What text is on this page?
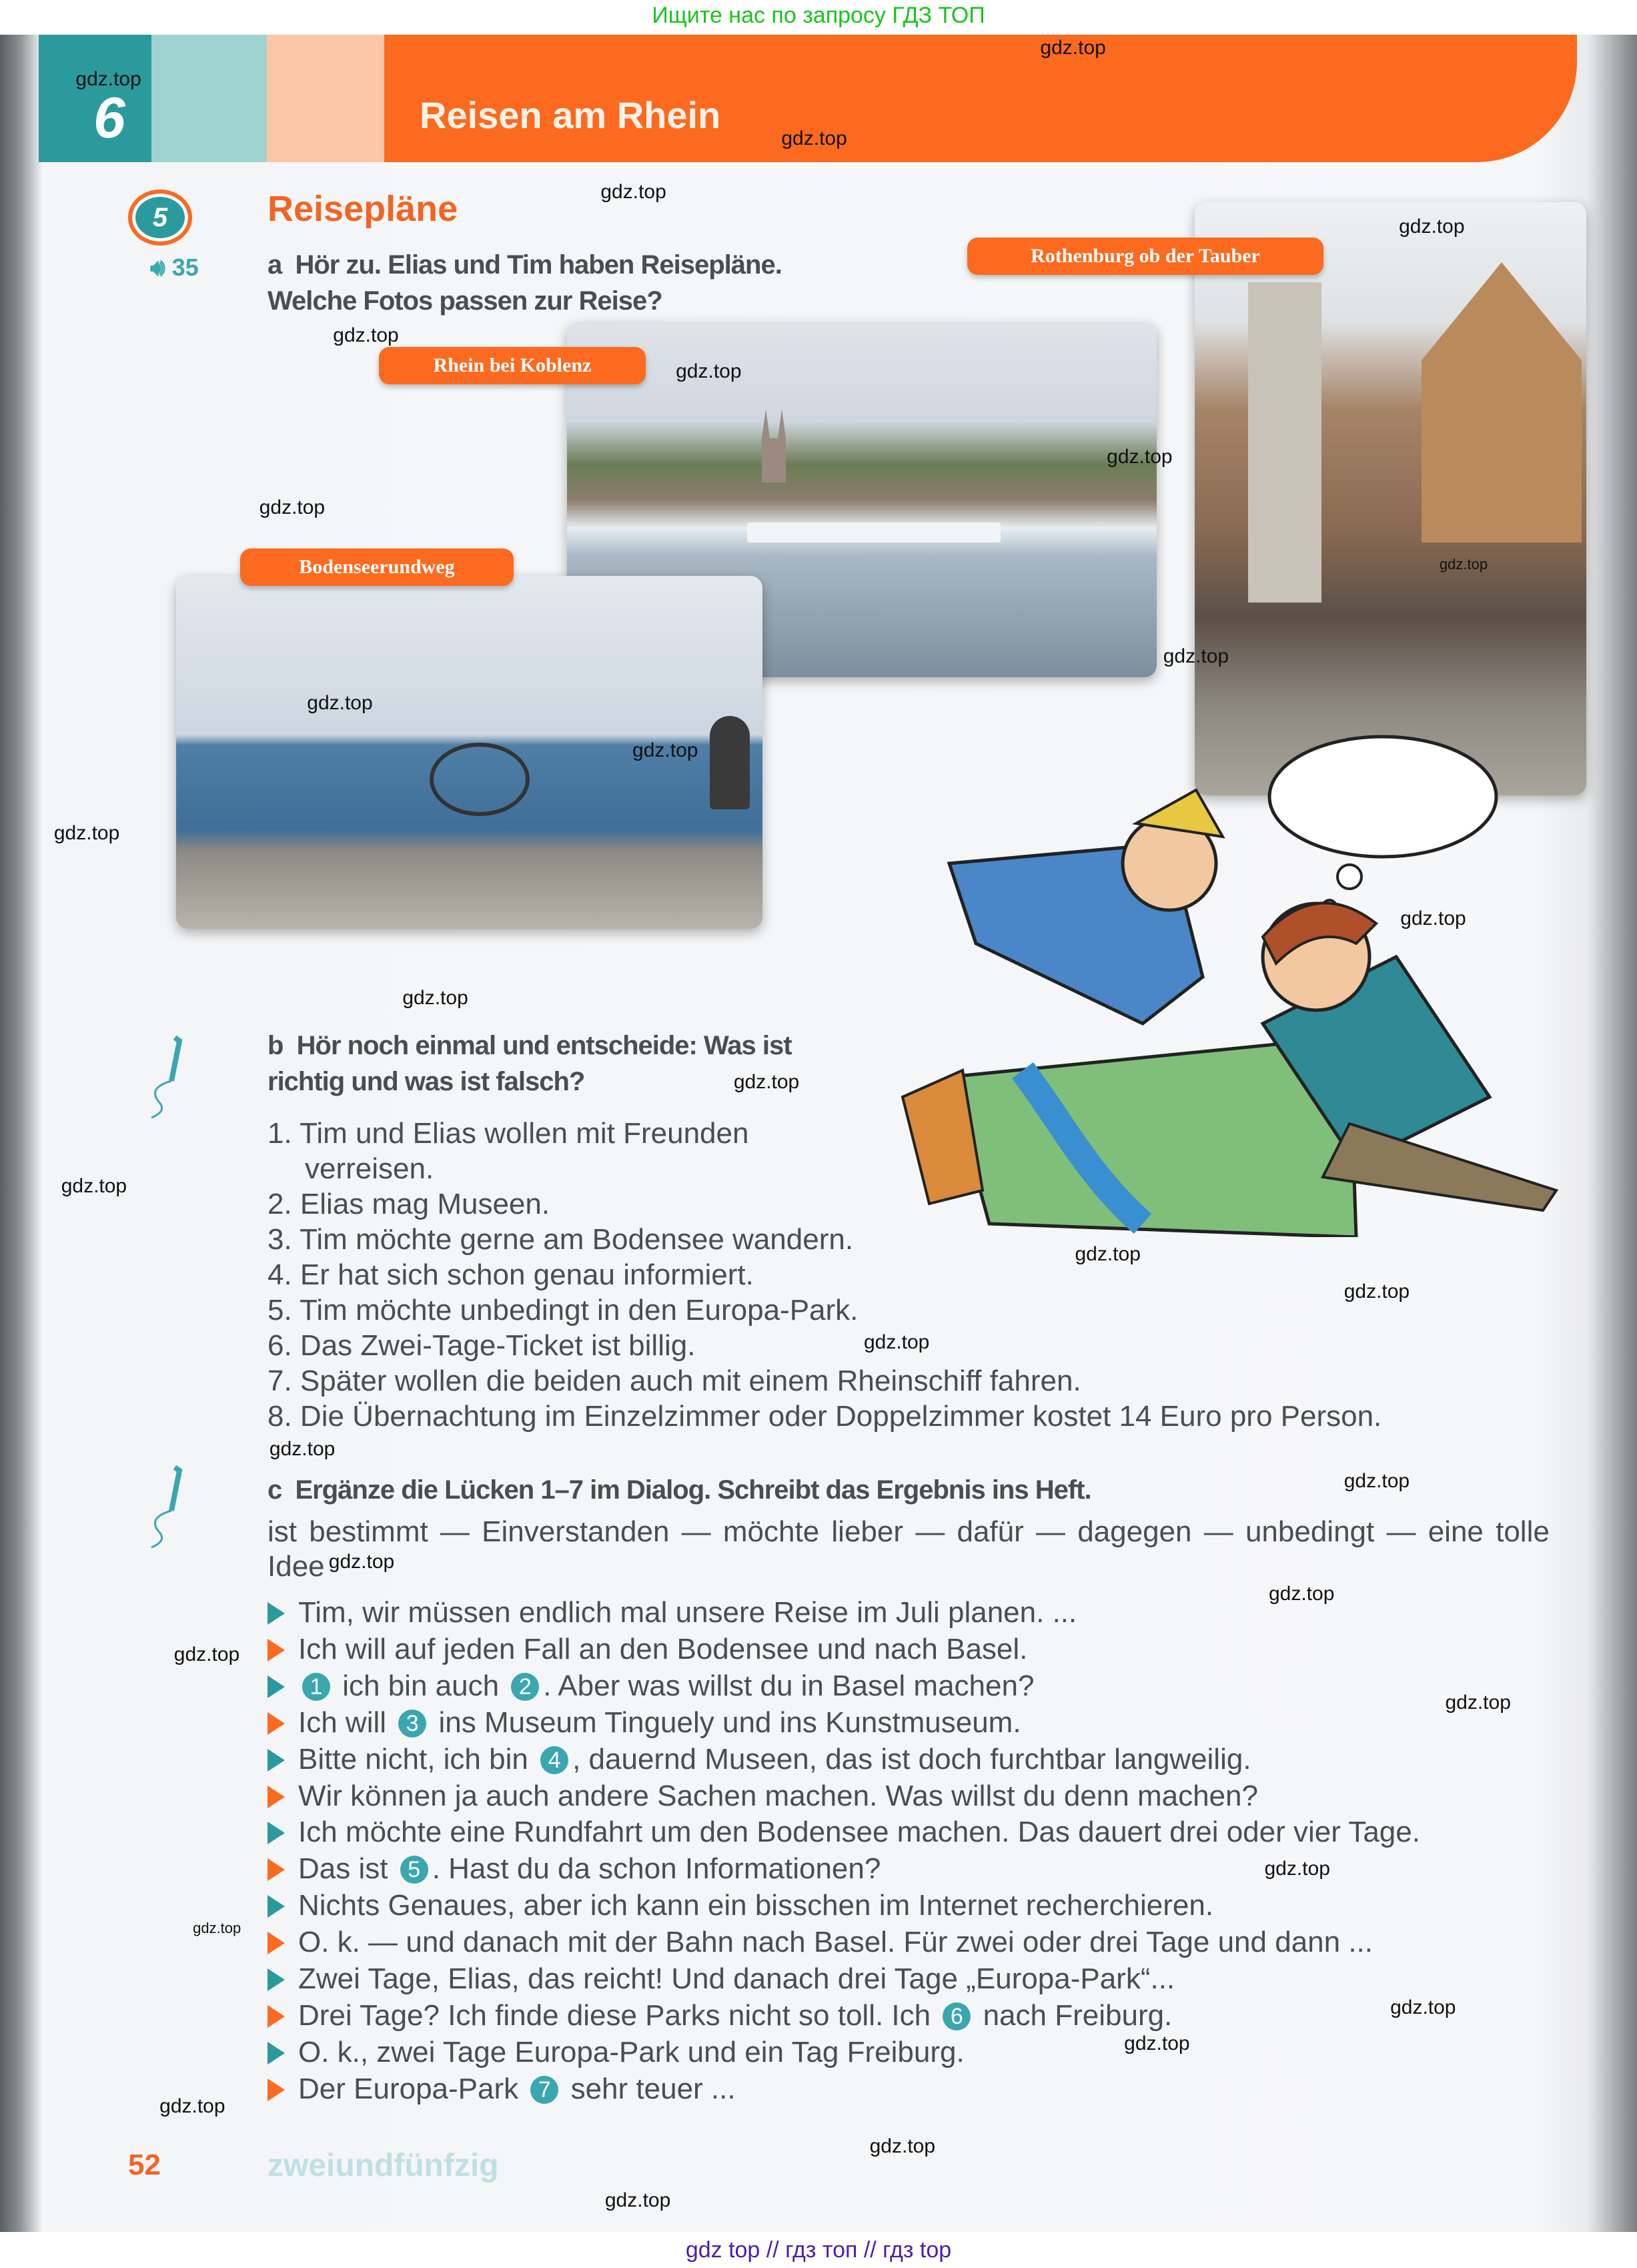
Ищите нас по запросу ГДЗ ТОП
6	Reisen am Rhein
5	Reisepläne
🔊︎ 35	a Hör zu. Elias und Tim haben Reisepläne.
Welche Fotos passen zur Reise?
Rhein bei Koblenz
Bodenseerundweg
Rothenburg ob der Tauber
b Hör noch einmal und entscheide: Was ist
richtig und was ist falsch?
1. Tim und Elias wollen mit Freunden
verreisen.
2. Elias mag Museen.
3. Tim möchte gerne am Bodensee wandern.
4. Er hat sich schon genau informiert.
5. Tim möchte unbedingt in den Europa-Park.
6. Das Zwei-Tage-Ticket ist billig.
7. Später wollen die beiden auch mit einem Rheinschiff fahren.
8. Die Übernachtung im Einzelzimmer oder Doppelzimmer kostet 14 Euro pro Person.
c Ergänze die Lücken 1–7 im Dialog. Schreibt das Ergebnis ins Heft.
ist bestimmt — Einverstanden — möchte lieber — dafür — dagegen — unbedingt — eine tolle Idee
Tim, wir müssen endlich mal unsere Reise im Juli planen. ...
Ich will auf jeden Fall an den Bodensee und nach Basel.
1 ich bin auch 2 . Aber was willst du in Basel machen?
Ich will 3 ins Museum Tinguely und ins Kunstmuseum.
Bitte nicht, ich bin 4 , dauernd Museen, das ist doch furchtbar langweilig.
Wir können ja auch andere Sachen machen. Was willst du denn machen?
Ich möchte eine Rundfahrt um den Bodensee machen. Das dauert drei oder vier Tage.
Das ist 5 . Hast du da schon Informationen?
Nichts Genaues, aber ich kann ein bisschen im Internet recherchieren.
O. k. — und danach mit der Bahn nach Basel. Für zwei oder drei Tage und dann ...
Zwei Tage, Elias, das reicht! Und danach drei Tage „Europa-Park“...
Drei Tage? Ich finde diese Parks nicht so toll. Ich 6 nach Freiburg.
O. k., zwei Tage Europa-Park und ein Tag Freiburg.
Der Europa-Park 7 sehr teuer ...
52	zweiundfünfzig
gdz top // гдз топ // гдз top
gdz.top
gdz.top
gdz.top
gdz.top
gdz.top
gdz.top
gdz.top
gdz.top
gdz.top
gdz.top
gdz.top
gdz.top
gdz.top
gdz.top
gdz.top
gdz.top
gdz.top
gdz.top
gdz.top
gdz.top
gdz.top
gdz.top
gdz.top
gdz.top
gdz.top
gdz.top
gdz.top
gdz.top
gdz.top
gdz.top
gdz.top
gdz.top
gdz.top
gdz.top
